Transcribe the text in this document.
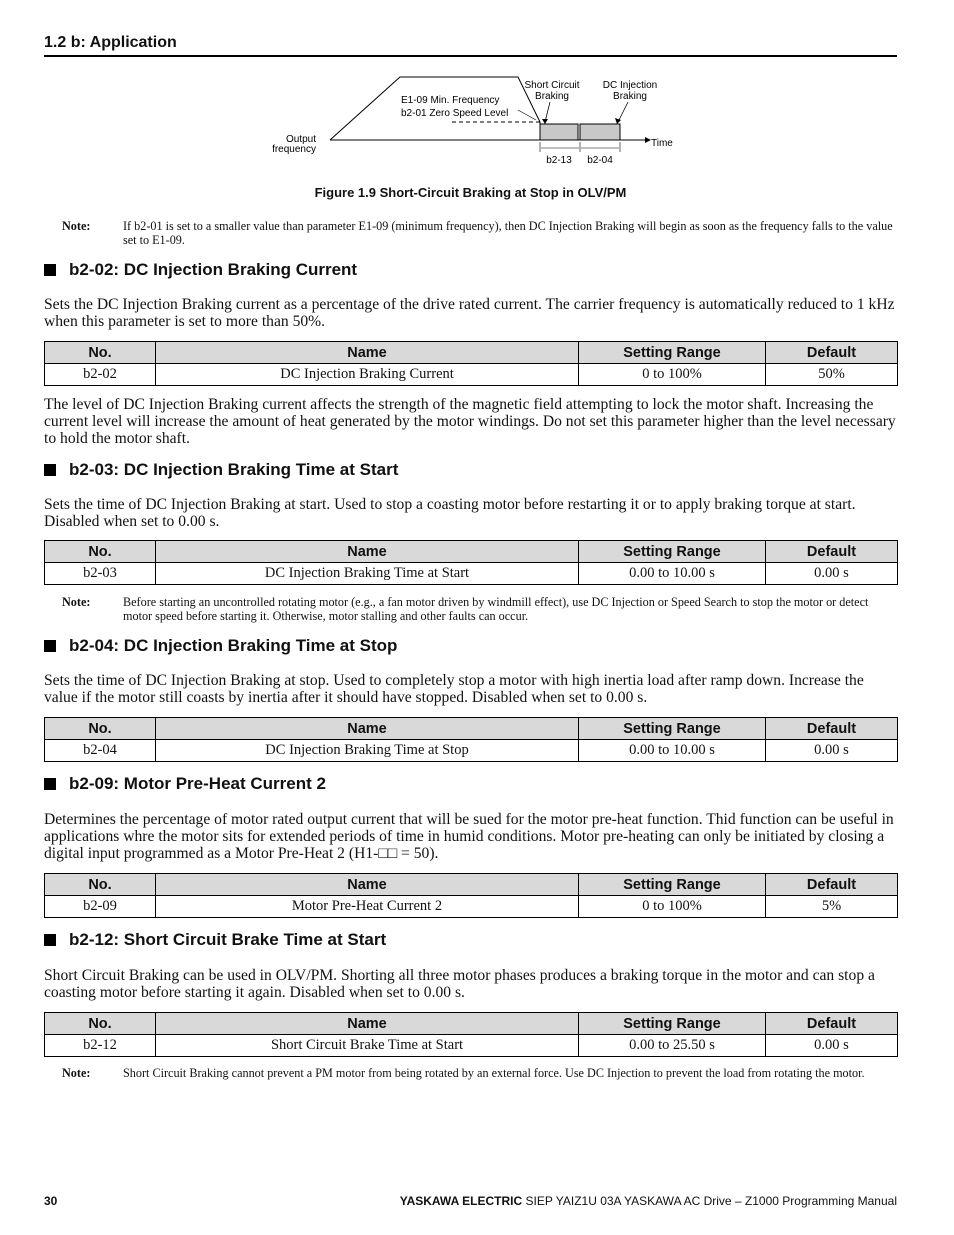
1.2 b: Application
Short Circuit
Braking
DC Injection
Braking
E1-09 Min. Frequency
b2-01 Zero Speed Level
Output
frequency
Time
b2-13 b2-04
Figure 1.9 Short-Circuit Braking at Stop in OLV/PM
Note:	If b2-01 is set to a smaller value than parameter E1-09 (minimum frequency), then DC Injection Braking will begin as soon as the frequency falls to the value set to E1-09.
b2-02: DC Injection Braking Current
Sets the DC Injection Braking current as a percentage of the drive rated current. The carrier frequency is automatically reduced to 1 kHz when this parameter is set to more than 50%.
No.	Name	Setting Range	Default
b2-02	DC Injection Braking Current	0 to 100%	50%
The level of DC Injection Braking current affects the strength of the magnetic field attempting to lock the motor shaft. Increasing the current level will increase the amount of heat generated by the motor windings. Do not set this parameter higher than the level necessary to hold the motor shaft.
b2-03: DC Injection Braking Time at Start
Sets the time of DC Injection Braking at start. Used to stop a coasting motor before restarting it or to apply braking torque at start. Disabled when set to 0.00 s.
No.	Name	Setting Range	Default
b2-03	DC Injection Braking Time at Start	0.00 to 10.00 s	0.00 s
Note:	Before starting an uncontrolled rotating motor (e.g., a fan motor driven by windmill effect), use DC Injection or Speed Search to stop the motor or detect motor speed before starting it. Otherwise, motor stalling and other faults can occur.
b2-04: DC Injection Braking Time at Stop
Sets the time of DC Injection Braking at stop. Used to completely stop a motor with high inertia load after ramp down. Increase the value if the motor still coasts by inertia after it should have stopped. Disabled when set to 0.00 s.
No.	Name	Setting Range	Default
b2-04	DC Injection Braking Time at Stop	0.00 to 10.00 s	0.00 s
b2-09: Motor Pre-Heat Current 2
Determines the percentage of motor rated output current that will be sued for the motor pre-heat function. Thid function can be useful in applications whre the motor sits for extended periods of time in humid conditions. Motor pre-heating can only be initiated by closing a digital input programmed as a Motor Pre-Heat 2 (H1-□□ = 50).
No.	Name	Setting Range	Default
b2-09	Motor Pre-Heat Current 2	0 to 100%	5%
b2-12: Short Circuit Brake Time at Start
Short Circuit Braking can be used in OLV/PM. Shorting all three motor phases produces a braking torque in the motor and can stop a coasting motor before starting it again. Disabled when set to 0.00 s.
No.	Name	Setting Range	Default
b2-12	Short Circuit Brake Time at Start	0.00 to 25.50 s	0.00 s
Note:	Short Circuit Braking cannot prevent a PM motor from being rotated by an external force. Use DC Injection to prevent the load from rotating the motor.
30	YASKAWA ELECTRIC SIEP YAIZ1U 03A YASKAWA AC Drive – Z1000 Programming Manual
